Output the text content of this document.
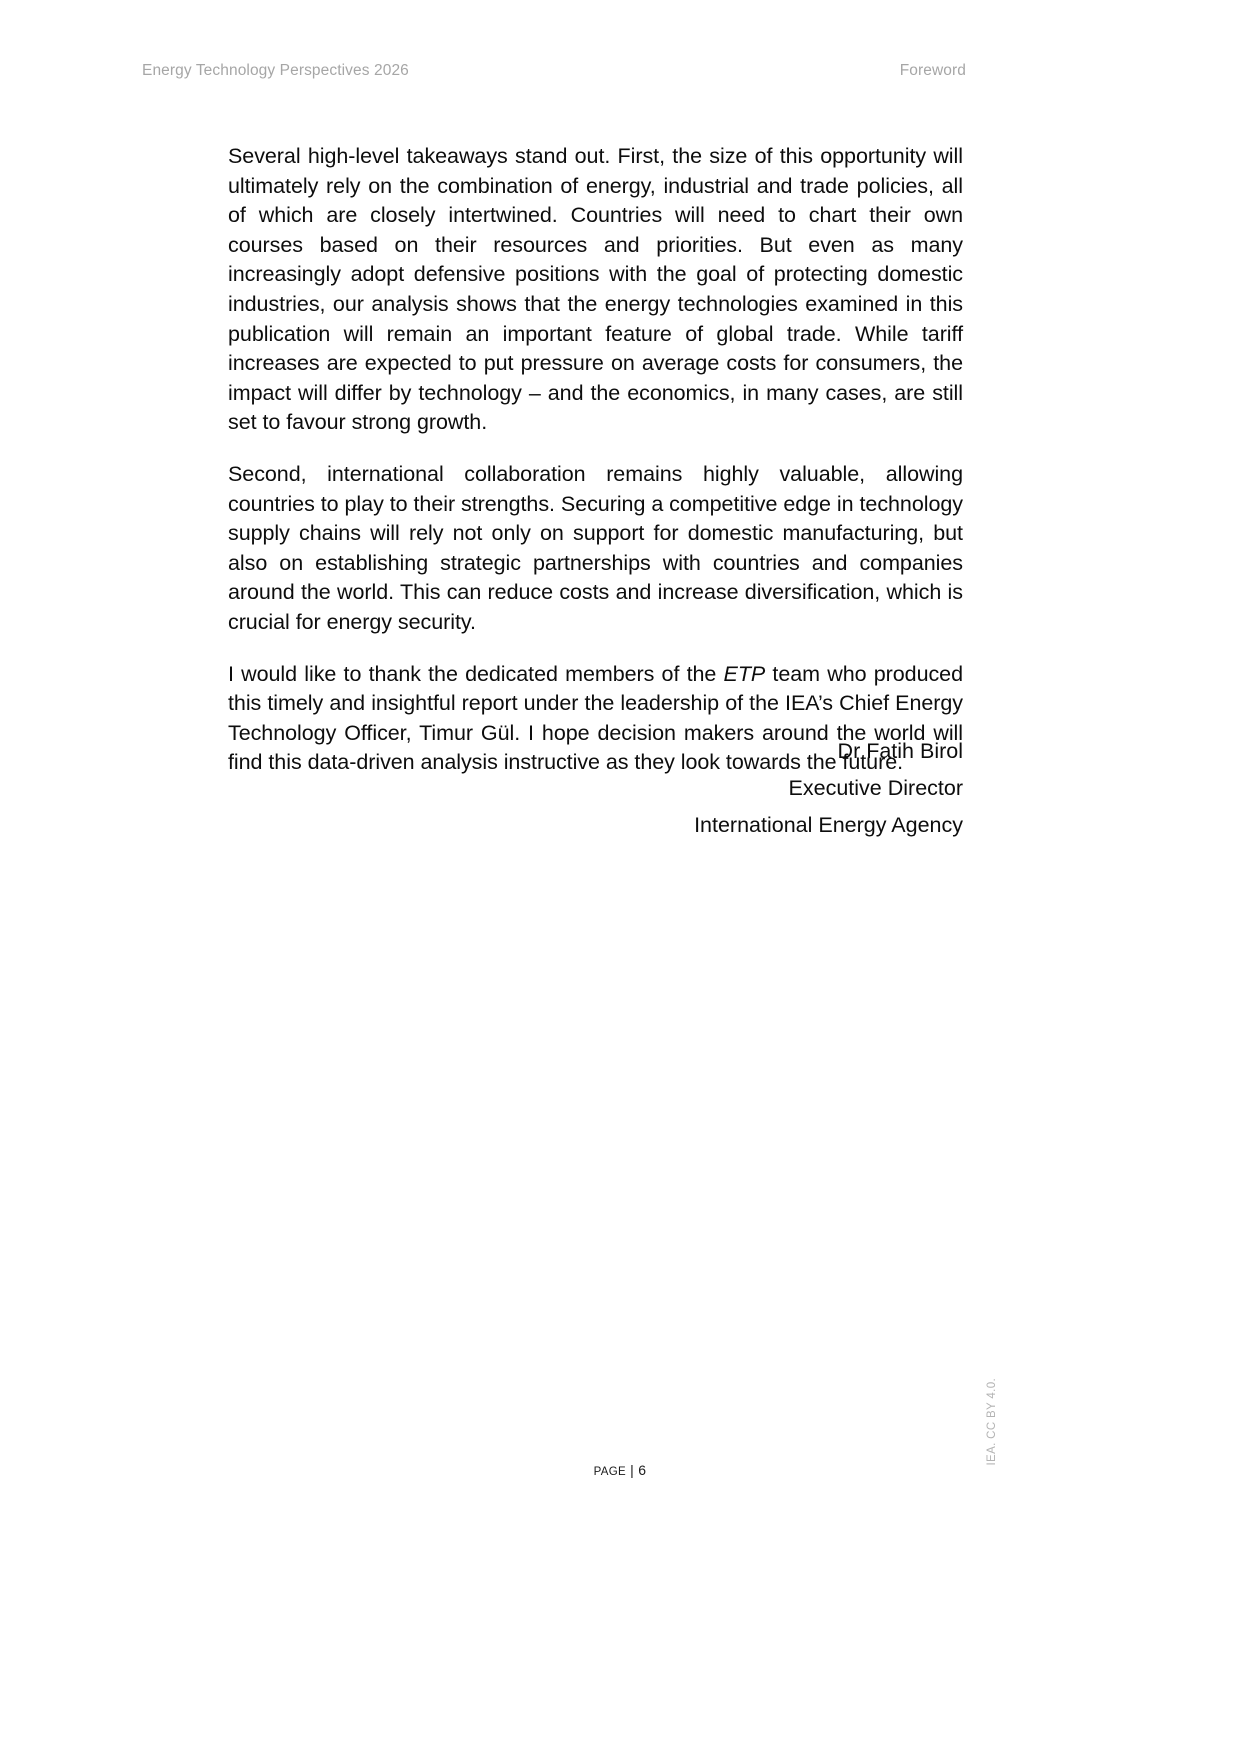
Energy Technology Perspectives 2026	Foreword

Several high-level takeaways stand out. First, the size of this opportunity will ultimately rely on the combination of energy, industrial and trade policies, all of which are closely intertwined. Countries will need to chart their own courses based on their resources and priorities. But even as many increasingly adopt defensive positions with the goal of protecting domestic industries, our analysis shows that the energy technologies examined in this publication will remain an important feature of global trade. While tariff increases are expected to put pressure on average costs for consumers, the impact will differ by technology – and the economics, in many cases, are still set to favour strong growth.

Second, international collaboration remains highly valuable, allowing countries to play to their strengths. Securing a competitive edge in technology supply chains will rely not only on support for domestic manufacturing, but also on establishing strategic partnerships with countries and companies around the world. This can reduce costs and increase diversification, which is crucial for energy security.

I would like to thank the dedicated members of the ETP team who produced this timely and insightful report under the leadership of the IEA’s Chief Energy Technology Officer, Timur Gül. I hope decision makers around the world will find this data-driven analysis instructive as they look towards the future.

Dr Fatih Birol
Executive Director
International Energy Agency
PAGE | 6
IEA. CC BY 4.0.
